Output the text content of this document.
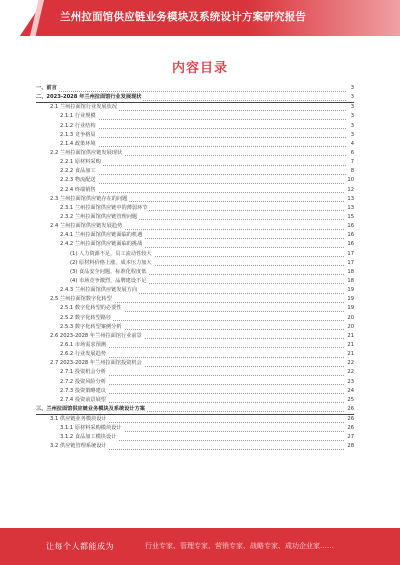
兰州拉面馆供应链业务模块及系统设计方案研究报告
内容目录
一、前言	3
二、2023-2028 年兰州拉面馆行业发展现状	3
2.1 兰州拉面馆行业发展状况	3
2.1.1 行业规模	3
2.1.2 行业结构	3
2.1.3 竞争格局	3
2.1.4 政策环境	4
2.2 兰州拉面馆供应链发展现状	6
2.2.1 原材料采购	7
2.2.2 食品加工	8
2.2.3 物流配送	10
2.2.4 终端销售	12
2.3 兰州拉面馆供应链存在的问题	13
2.3.1 兰州拉面馆供应链中的薄弱环节	13
2.3.2 兰州拉面馆供应链管理问题	15
2.4 兰州拉面馆供应链发展趋势	16
2.4.1 兰州拉面馆供应链面临的机遇	16
2.4.2 兰州拉面馆供应链面临的挑战	16
(1) 人力资源不足，员工流动性较大	17
(2) 原材料价格上涨，成本压力加大	17
(3) 食品安全问题，标准化程度低	18
(4) 市场竞争激烈，品牌建设不足	18
2.4.3 兰州拉面馆供应链发展方向	19
2.5 兰州拉面馆数字化转型	19
2.5.1 数字化转型的必要性	19
2.5.2 数字化转型路径	20
2.5.3 数字化转型案例分析	20
2.6 2023-2028 年兰州拉面馆行业前景	21
2.6.1 市场需求预测	21
2.6.2 行业发展趋势	21
2.7 2023-2028 年兰州拉面馆投资机会	22
2.7.1 投资机会分析	22
2.7.2 投资风险分析	23
2.7.3 投资策略建议	24
2.7.4 投资前景展望	25
三、兰州拉面馆供应链业务模块及系统设计方案	26
3.1 供应链业务模块设计	26
3.1.1 原材料采购模块设计	26
3.1.2 食品加工模块设计	27
3.2 供应链管理系统设计	28
让每个人都能成为	行业专家、管理专家、营销专家、战略专家、成功企业家……
